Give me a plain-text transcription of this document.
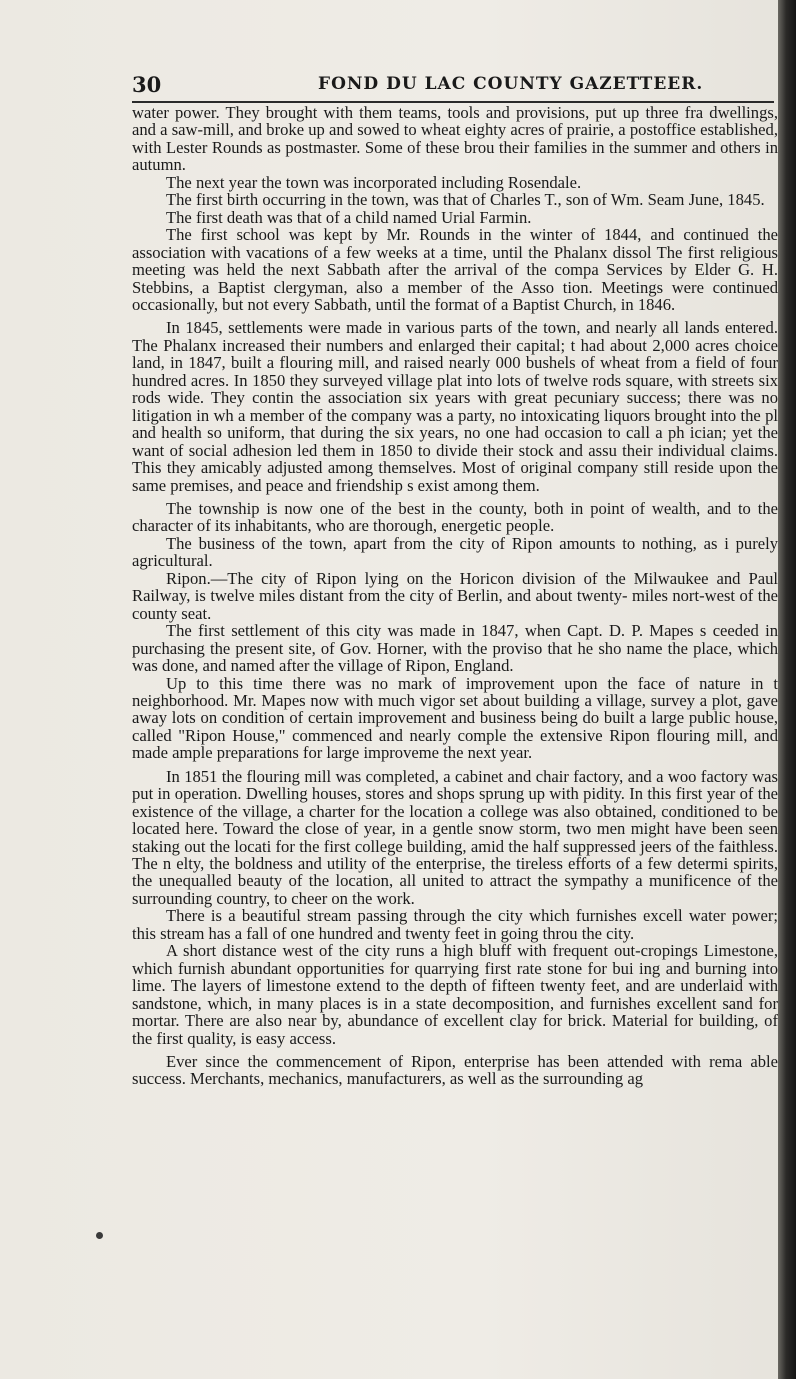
30	FOND DU LAC COUNTY GAZETTEER.

water power. They brought with them teams, tools and provisions, put up three fra dwellings, and a saw-mill, and broke up and sowed to wheat eighty acres of prairie, a postoffice established, with Lester Rounds as postmaster. Some of these brou their families in the summer and others in autumn.

The next year the town was incorporated including Rosendale.

The first birth occurring in the town, was that of Charles T., son of Wm. Seam June, 1845.

The first death was that of a child named Urial Farmin.

The first school was kept by Mr. Rounds in the winter of 1844, and continued the association with vacations of a few weeks at a time, until the Phalanx dissol The first religious meeting was held the next Sabbath after the arrival of the compa Services by Elder G. H. Stebbins, a Baptist clergyman, also a member of the Asso tion. Meetings were continued occasionally, but not every Sabbath, until the format of a Baptist Church, in 1846.

In 1845, settlements were made in various parts of the town, and nearly all lands entered. The Phalanx increased their numbers and enlarged their capital; t had about 2,000 acres choice land, in 1847, built a flouring mill, and raised nearly 000 bushels of wheat from a field of four hundred acres. In 1850 they surveyed village plat into lots of twelve rods square, with streets six rods wide. They contin the association six years with great pecuniary success; there was no litigation in wh a member of the company was a party, no intoxicating liquors brought into the pl and health so uniform, that during the six years, no one had occasion to call a ph ician; yet the want of social adhesion led them in 1850 to divide their stock and assu their individual claims. This they amicably adjusted among themselves. Most of original company still reside upon the same premises, and peace and friendship s exist among them.

The township is now one of the best in the county, both in point of wealth, and to the character of its inhabitants, who are thorough, energetic people.

The business of the town, apart from the city of Ripon amounts to nothing, as i purely agricultural.

Ripon.—The city of Ripon lying on the Horicon division of the Milwaukee and Paul Railway, is twelve miles distant from the city of Berlin, and about twenty- miles nort-west of the county seat.

The first settlement of this city was made in 1847, when Capt. D. P. Mapes s ceeded in purchasing the present site, of Gov. Horner, with the proviso that he sho name the place, which was done, and named after the village of Ripon, England.

Up to this time there was no mark of improvement upon the face of nature in t neighborhood. Mr. Mapes now with much vigor set about building a village, survey a plot, gave away lots on condition of certain improvement and business being do built a large public house, called "Ripon House," commenced and nearly comple the extensive Ripon flouring mill, and made ample preparations for large improveme the next year.

In 1851 the flouring mill was completed, a cabinet and chair factory, and a woo factory was put in operation. Dwelling houses, stores and shops sprung up with pidity. In this first year of the existence of the village, a charter for the location a college was also obtained, conditioned to be located here. Toward the close of year, in a gentle snow storm, two men might have been seen staking out the locati for the first college building, amid the half suppressed jeers of the faithless. The n elty, the boldness and utility of the enterprise, the tireless efforts of a few determi spirits, the unequalled beauty of the location, all united to attract the sympathy a munificence of the surrounding country, to cheer on the work.

There is a beautiful stream passing through the city which furnishes excell water power; this stream has a fall of one hundred and twenty feet in going throu the city.

A short distance west of the city runs a high bluff with frequent out-cropings Limestone, which furnish abundant opportunities for quarrying first rate stone for bui ing and burning into lime. The layers of limestone extend to the depth of fifteen twenty feet, and are underlaid with sandstone, which, in many places is in a state decomposition, and furnishes excellent sand for mortar. There are also near by, abundance of excellent clay for brick. Material for building, of the first quality, is easy access.

Ever since the commencement of Ripon, enterprise has been attended with rema able success. Merchants, mechanics, manufacturers, as well as the surrounding ag
